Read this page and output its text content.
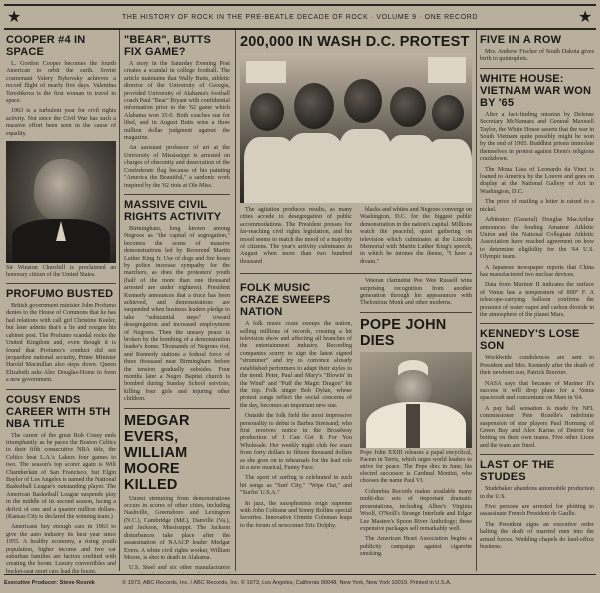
★	THE HISTORY OF ROCK IN THE PRE-BEATLE DECADE OF ROCK · VOLUME 9 · ONE RECORD	★
COOPER #4 IN SPACE

L. Gordon Cooper becomes the fourth American to orbit the earth. Soviet cosmonaut Valery Bykovsky achieves a record flight of nearly five days. Valentina Tereshkova is the first woman to travel in space.

1963 is a turbulent year for civil rights activity. Not since the Civil War has such a massive effort been seen in the cause of equality.

Sir Winston Churchill is proclaimed an honorary citizen of the United States.

PROFUMO BUSTED

British government minister John Profumo denies to the House of Commons that he has had relations with call girl Christine Keeler, but later admits that's a lie and resigns his cabinet post. The Profumo scandal rocks the United Kingdom and, even though it is found that Profumo's conduct did not jeopardize national security, Prime Minister Harold Macmillan also steps down. Queen Elizabeth asks Alec Douglas-Home to form a new government.

COUSY ENDS CAREER WITH 5TH NBA TITLE

The career of the great Bob Cousy ends triumphantly as he paces the Boston Celtics to their fifth consecutive NBA title, the Celtics beat L.A.'s Lakers four games to two. The season's top scorer again is Wilt Chamberlain of San Francisco, but Elgin Baylor of Los Angeles is named the National Basketball League's outstanding player. The American Basketball League suspends play in the middle of its second season, facing a deficit of one and a quarter million dollars. (Kansas City is declared the winning team.)

Americans buy enough cars in 1963 to give the auto industry its best year since 1955. A healthy economy, a rising youth population, higher income and two car suburban families are factors credited with creating the boom. Luxury convertibles and bucket-seat sport cars lead the boom.

"BEAR", BUTTS FIX GAME?

A story in the Saturday Evening Post creates a scandal in college football. The article maintains that Wally Butts, athletic director of the University of Georgia, provided University of Alabama's football coach Paul "Bear" Bryant with confidential information prior to the '62 game which Alabama won 35-0. Both coaches sue for libel, and in August Butts wins a three million dollar judgment against the magazine.

An assistant professor of art at the University of Mississippi is arrested on charges of obscenity and desecration of the Confederate flag because of his painting "America the Beautiful," a sardonic work inspired by the '62 riots at Ole Miss.

MASSIVE CIVIL RIGHTS ACTIVITY

Birmingham, long known among Negroes as "the capital of segregation," becomes the scene of massive demonstrations led by Reverend Martin Luther King Jr. Use of dogs and fire hoses by police increase sympathy for the marchers, as does the protesters' youth (half of the more than one thousand arrested are under eighteen). President Kennedy announces that a truce has been achieved, and demonstrations are suspended when business leaders pledge to take "substantial steps" toward desegregation and increased employment of Negroes. Then the uneasy peace is broken by the bombing of a demonstration leader's home. Thousands of Negroes riot, and Kennedy stations a federal force of three thousand near Birmingham before the tension gradually subsides. Four months later a Negro Baptist church is bombed during Sunday School services, killing four girls and injuring other children.

MEDGAR EVERS, WILLIAM MOORE KILLED

Unrest stemming from demonstrations occurs in scores of other cities, including Nashville, Greensboro and Lexington (N.C.), Cambridge (Md.), Danville (Va.), and Jackson, Mississippi. The Jackson disturbances take place after the assassination of NAACP leader Medgar Evers. A white civil rights worker, William Moore, is shot to death in Alabama.

U.S. Steel and six other manufacturers

200,000 IN WASH D.C. PROTEST

The agitation produces results, as many cities accede to desegregation of public accommodations. The President presses for far-reaching civil rights legislation, and his mood seems to match the mood of a majority of citizens. The year's activity culminates in August when more than two hundred thousand

blacks and whites and Negroes converge on Washington, D.C. for the biggest public demonstration in the nation's capital. Millions watch the peaceful, quiet gathering on television which culminates at the Lincoln Memorial with Martin Luther King's speech, in which he intones the theme, "I have a dream."

FOLK MUSIC CRAZE SWEEPS NATION

A folk music craze sweeps the nation, selling millions of records, creating a hit television show and affecting all branches of the entertainment industry. Recording companies scurry to sign the latest signed "strummer" and try to convince already established performers to adapt their styles to the trend. Peter, Paul and Mary's "Blowin' in the Wind" and "Puff the Magic Dragon" hit the top. Folk singer Bob Dylan, whose protest songs reflect the social concerns of the day, becomes an important new star.

Outside the folk field the most impressive personality to debut is Barbra Streisand, who first receives notice in the Broadway production of I Can Get It For You Wholesale. Her weekly night club fee soars from forty dollars to fifteen thousand dollars as she goes on to rehearsals for the lead role in a new musical, Funny Face.

The sport of surfing is celebrated in such hit songs as "Surf City," "Wipe Out," and "Surfin' U.S.A."

In jazz, the saxophonists reign supreme with John Coltrane and Sonny Rollins special favorites. Innovative Ornette Coleman leaps to the forum of newcomer Eric Dolphy.

Veteran clarinetist Pee Wee Russell wins surprising recognition from another generation through his appearances with Thelonious Monk and other moderns.

POPE JOHN DIES

Pope John XXIII releases a papal encyclical, Pacem in Terris, which urges world leaders to strive for peace. The Pope dies in June; his elected successor is Cardinal Montini, who chooses the name Paul VI.

Columbia Records makes available many multi-disc sets of important dramatic presentations, including Albee's Virginia Woolf, O'Neill's Strange Interlude and Edgar Lee Masters's Spoon River Anthology; these expensive packages sell remarkably well.

The American Heart Association begins a publicity campaign against cigarette smoking.

FIVE IN A ROW

Mrs. Andrew Fischer of South Dakota gives birth to quintuplets.

WHITE HOUSE: VIETNAM WAR WON BY '65

After a fact-finding mission by Defense Secretary McNamara and General Maxwell Taylor, the White House asserts that the war in South Vietnam quite possibly might be won by the end of 1965. Buddhist priests immolate themselves in protest against Diem's religious crackdown.

The Mona Lisa of Leonardo da Vinci is loaned to America by the Louvre and goes on display at the National Gallery of Art in Washington, D.C.

The price of mailing a letter is raised to a nickel.

Arbitrator (General) Douglas MacArthur announces the feuding Amateur Athletic Union and the National Collegiate Athletic Association have reached agreement on how to determine eligibility for the '64 U.S. Olympic team.

A Japanese newspaper reports that China has manufactured two nuclear devices.

Data from Mariner II indicates the surface of Venus has a temperature of 800° F. A telescope-carrying balloon confirms the presence of water vapor and carbon dioxide in the atmosphere of the planet Mars.

KENNEDY'S LOSE SON

Worldwide condolences are sent to President and Mrs. Kennedy after the death of their newborn son, Patrick Bouvier.

NASA says that because of Mariner II's success it will drop plans for a Venus spacecraft and concentrate on Mars in '64.

A pay ball sensation is made by NFL commissioner Pete Rozelle's indefinite suspension of star players Paul Hornung of Green Bay and Alex Karras of Detroit for betting on their own teams. Five other Lions and the team are fined.

LAST OF THE STUDES

Studebaker abandons automobile production in the U.S.

Five persons are arrested for plotting to assassinate French President de Gaulle.

The President signs an executive order halting the draft of married men into the armed forces. Wedding chapels do land-office business.

Executive Producer: Steve Rosnik	© 1973, ABC Records, Inc. / ABC Records, Inc. © 1973, Los Angeles, California 90048, New York, New York 10019. Printed in U.S.A.
